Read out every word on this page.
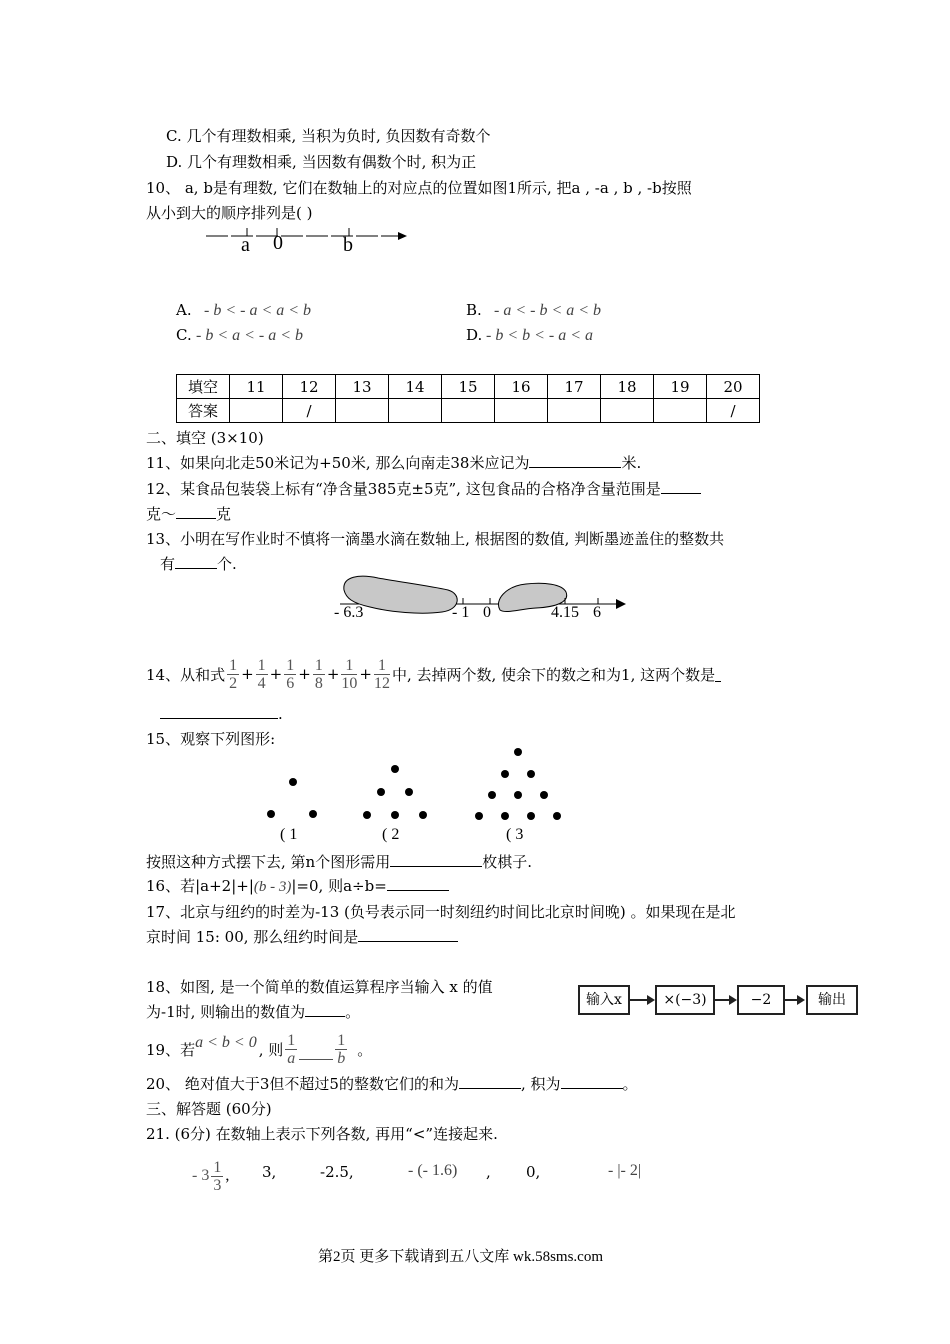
C. 几个有理数相乘, 当积为负时, 负因数有奇数个
D. 几个有理数相乘, 当因数有偶数个时, 积为正
10、 a, b是有理数, 它们在数轴上的对应点的位置如图1所示, 把a , -a , b , -b按照
从小到大的顺序排列是( )
a 0	b
A. - b < - a < a < b	B. - a < - b < a < b
C. - b < a < - a < b	D. - b < b < - a < a
填空	11	12	13	14	15	16	17	18	19	20
答案		/								/
二、填空 (3×10)
11、如果向北走50米记为+50米, 那么向南走38米应记为	米.
12、某食品包装袋上标有“净含量385克±5克”, 这包食品的合格净含量范围是
克～	克
13、小明在写作业时不慎将一滴墨水滴在数轴上, 根据图的数值, 判断墨迹盖住的整数共
有	个.
- 6.3	- 1 0	4.15 6
14、从和式 $\frac{1}{2} + \frac{1}{4} + \frac{1}{6} + \frac{1}{8} + \frac{1}{10} + \frac{1}{12}$ 中, 去掉两个数, 使余下的数之和为1, 这两个数是
.
15、观察下列图形:
( 1	( 2	( 3
按照这种方式摆下去, 第n个图形需用	枚棋子.
16、若|a+2|+|(b - 3)|=0, 则a÷b=
17、北京与纽约的时差为-13 (负号表示同一时刻纽约时间比北京时间晚) 。如果现在是北
京时间 15: 00, 那么纽约时间是
18、如图, 是一个简单的数值运算程序当输入 x 的值
为-1时, 则输出的数值为	。
输入x	×(−3)	−2	输出
19、若 a < b < 0 , 则 $\frac{1}{a} \frac{1}{b}$ 。
20、 绝对值大于3但不超过5的整数它们的和为	, 积为	。
三、解答题 (60分)
21. (6分) 在数轴上表示下列各数, 再用“<”连接起来.
- $3 \frac{1}{3}$ , 3,	-2.5,	- (- 1.6) , 0,	- |- 2|
第2页 更多下载请到五八文库 wk.58sms.com
